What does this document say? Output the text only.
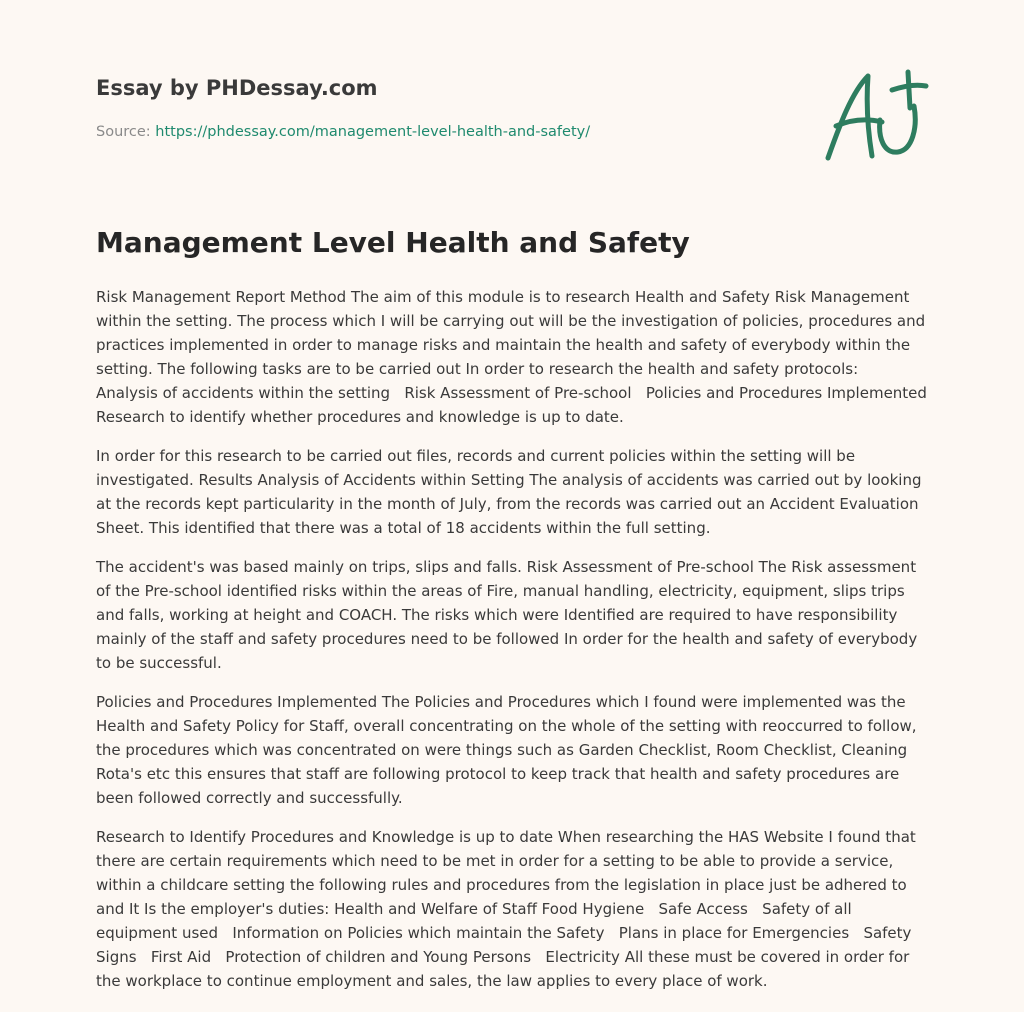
Essay by PHDessay.com
Source: https://phdessay.com/management-level-health-and-safety/
Management Level Health and Safety

Risk Management Report Method The aim of this module is to research Health and Safety Risk Management within the setting. The process which I will be carrying out will be the investigation of policies, procedures and practices implemented in order to manage risks and maintain the health and safety of everybody within the setting. The following tasks are to be carried out In order to research the health and safety protocols:   Analysis of accidents within the setting   Risk Assessment of Pre-school   Policies and Procedures Implemented Research to identify whether procedures and knowledge is up to date.

In order for this research to be carried out files, records and current policies within the setting will be investigated. Results Analysis of Accidents within Setting The analysis of accidents was carried out by looking at the records kept particularity in the month of July, from the records was carried out an Accident Evaluation Sheet. This identified that there was a total of 18 accidents within the full setting.

The accident's was based mainly on trips, slips and falls. Risk Assessment of Pre-school The Risk assessment of the Pre-school identified risks within the areas of Fire, manual handling, electricity, equipment, slips trips and falls, working at height and COACH. The risks which were Identified are required to have responsibility mainly of the staff and safety procedures need to be followed In order for the health and safety of everybody to be successful.

Policies and Procedures Implemented The Policies and Procedures which I found were implemented was the Health and Safety Policy for Staff, overall concentrating on the whole of the setting with reoccurred to follow, the procedures which was concentrated on were things such as Garden Checklist, Room Checklist, Cleaning Rota's etc this ensures that staff are following protocol to keep track that health and safety procedures are been followed correctly and successfully.

Research to Identify Procedures and Knowledge is up to date When researching the HAS Website I found that there are certain requirements which need to be met in order for a setting to be able to provide a service, within a childcare setting the following rules and procedures from the legislation in place just be adhered to and It Is the employer's duties: Health and Welfare of Staff Food Hygiene   Safe Access   Safety of all equipment used   Information on Policies which maintain the Safety   Plans in place for Emergencies   Safety Signs   First Aid   Protection of children and Young Persons   Electricity All these must be covered in order for the workplace to continue employment and sales, the law applies to every place of work.
